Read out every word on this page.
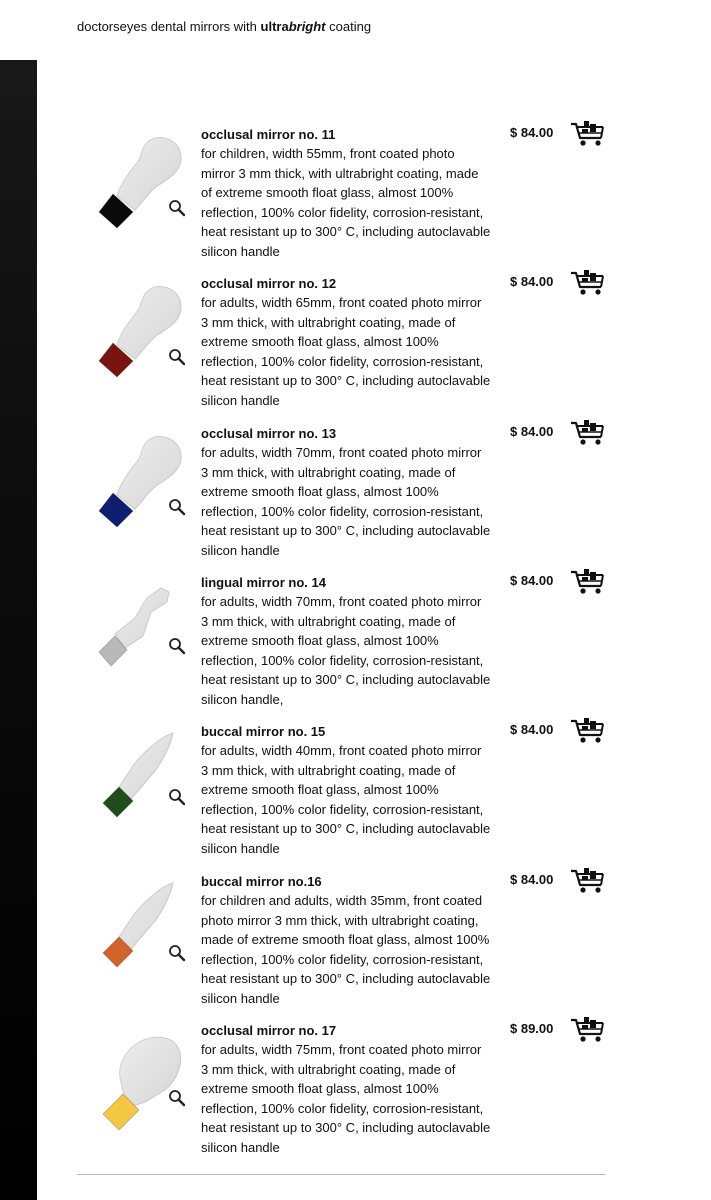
doctorseyes dental mirrors with ultrabright coating
occlusal mirror no. 11
for children, width 55mm, front coated photo mirror 3 mm thick, with ultrabright coating, made of extreme smooth float glass, almost 100% reflection, 100% color fidelity, corrosion-resistant, heat resistant up to 300° C, including autoclavable silicon handle
$ 84.00
occlusal mirror no. 12
for adults, width 65mm, front coated photo mirror 3 mm thick, with ultrabright coating, made of extreme smooth float glass, almost 100% reflection, 100% color fidelity, corrosion-resistant, heat resistant up to 300° C, including autoclavable silicon handle
$ 84.00
occlusal mirror no. 13
for adults, width 70mm, front coated photo mirror 3 mm thick, with ultrabright coating, made of extreme smooth float glass, almost 100% reflection, 100% color fidelity, corrosion-resistant, heat resistant up to 300° C, including autoclavable silicon handle
$ 84.00
lingual mirror no. 14
for adults, width 70mm, front coated photo mirror 3 mm thick, with ultrabright coating, made of extreme smooth float glass, almost 100% reflection, 100% color fidelity, corrosion-resistant, heat resistant up to 300° C, including autoclavable silicon handle,
$ 84.00
buccal mirror no. 15
for adults, width 40mm, front coated photo mirror 3 mm thick, with ultrabright coating, made of extreme smooth float glass, almost 100% reflection, 100% color fidelity, corrosion-resistant, heat resistant up to 300° C, including autoclavable silicon handle
$ 84.00
buccal mirror no.16
for children and adults, width 35mm, front coated photo mirror 3 mm thick, with ultrabright coating, made of extreme smooth float glass, almost 100% reflection, 100% color fidelity, corrosion-resistant, heat resistant up to 300° C, including autoclavable silicon handle
$ 84.00
occlusal mirror no. 17
for adults, width 75mm, front coated photo mirror 3 mm thick, with ultrabright coating, made of extreme smooth float glass, almost 100% reflection, 100% color fidelity, corrosion-resistant, heat resistant up to 300° C, including autoclavable silicon handle
$ 89.00
